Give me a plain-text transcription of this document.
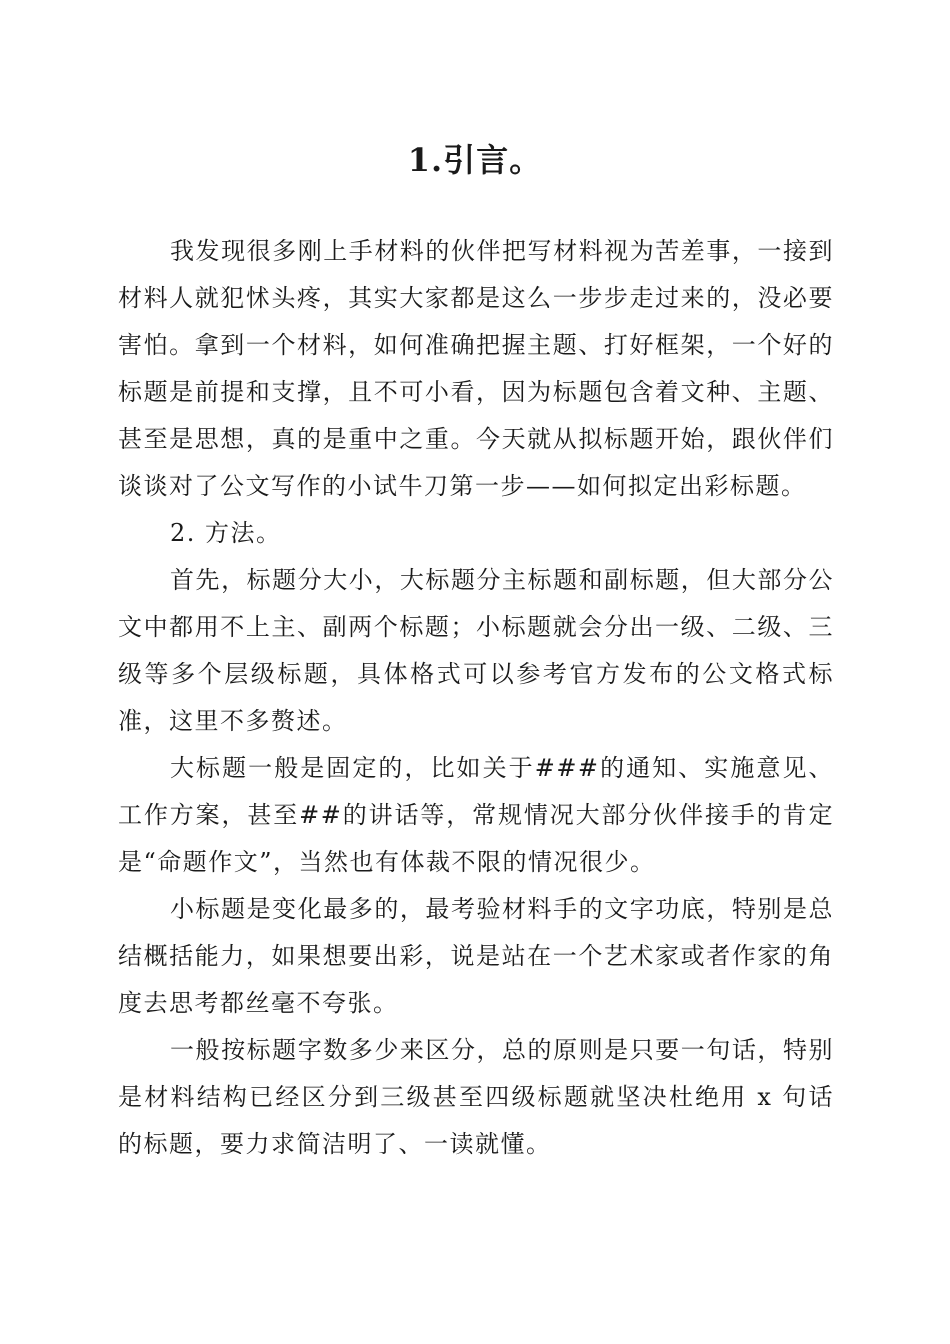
1.引言。

我发现很多刚上手材料的伙伴把写材料视为苦差事，一接到材料人就犯怵头疼，其实大家都是这么一步步走过来的，没必要害怕。拿到一个材料，如何准确把握主题、打好框架，一个好的标题是前提和支撑，且不可小看，因为标题包含着文种、主题、甚至是思想，真的是重中之重。今天就从拟标题开始，跟伙伴们谈谈对了公文写作的小试牛刀第一步——如何拟定出彩标题。

2. 方法。

首先，标题分大小，大标题分主标题和副标题，但大部分公文中都用不上主、副两个标题；小标题就会分出一级、二级、三级等多个层级标题，具体格式可以参考官方发布的公文格式标准，这里不多赘述。

大标题一般是固定的，比如关于###的通知、实施意见、工作方案，甚至##的讲话等，常规情况大部分伙伴接手的肯定是“命题作文”，当然也有体裁不限的情况很少。

小标题是变化最多的，最考验材料手的文字功底，特别是总结概括能力，如果想要出彩，说是站在一个艺术家或者作家的角度去思考都丝毫不夸张。

一般按标题字数多少来区分，总的原则是只要一句话，特别是材料结构已经区分到三级甚至四级标题就坚决杜绝用 x 句话的标题，要力求简洁明了、一读就懂。
